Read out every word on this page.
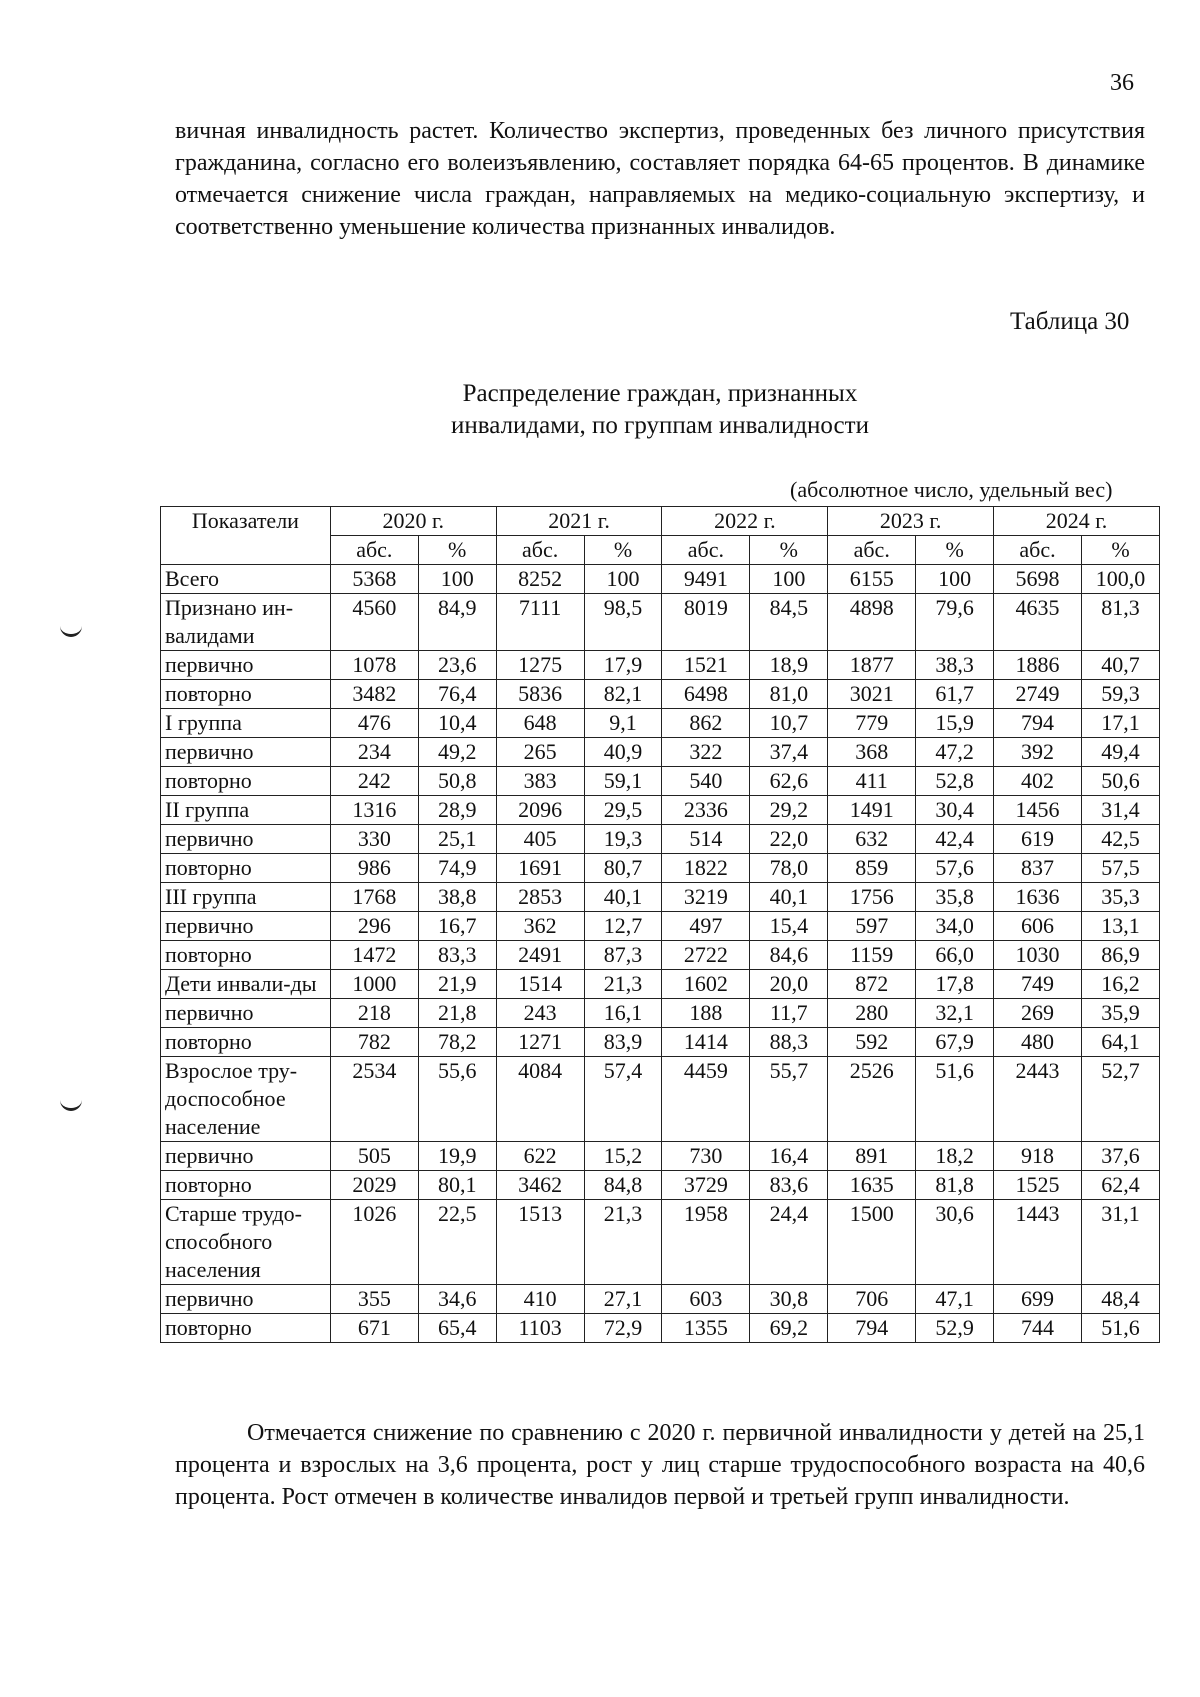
36

вичная инвалидность растет. Количество экспертиз, проведенных без личного присутствия гражданина, согласно его волеизъявлению, составляет порядка 64-65 процентов. В динамике отмечается снижение числа граждан, направляемых на медико-социальную экспертизу, и соответственно уменьшение количества признанных инвалидов.

Таблица 30
Распределение граждан, признанных
инвалидами, по группам инвалидности
(абсолютное число, удельный вес)
Показатели	2020 г.		2021 г.		2022 г.		2023 г.		2024 г.	
	абс.	%	абс.	%	абс.	%	абс.	%	абс.	%
Всего	5368	100	8252	100	9491	100	6155	100	5698	100,0
Признано ин-валидами	4560	84,9	7111	98,5	8019	84,5	4898	79,6	4635	81,3
первично	1078	23,6	1275	17,9	1521	18,9	1877	38,3	1886	40,7
повторно	3482	76,4	5836	82,1	6498	81,0	3021	61,7	2749	59,3
I группа	476	10,4	648	9,1	862	10,7	779	15,9	794	17,1
первично	234	49,2	265	40,9	322	37,4	368	47,2	392	49,4
повторно	242	50,8	383	59,1	540	62,6	411	52,8	402	50,6
II группа	1316	28,9	2096	29,5	2336	29,2	1491	30,4	1456	31,4
первично	330	25,1	405	19,3	514	22,0	632	42,4	619	42,5
повторно	986	74,9	1691	80,7	1822	78,0	859	57,6	837	57,5
III группа	1768	38,8	2853	40,1	3219	40,1	1756	35,8	1636	35,3
первично	296	16,7	362	12,7	497	15,4	597	34,0	606	13,1
повторно	1472	83,3	2491	87,3	2722	84,6	1159	66,0	1030	86,9
Дети инвали-ды	1000	21,9	1514	21,3	1602	20,0	872	17,8	749	16,2
первично	218	21,8	243	16,1	188	11,7	280	32,1	269	35,9
повторно	782	78,2	1271	83,9	1414	88,3	592	67,9	480	64,1
Взрослое тру-доспособное население	2534	55,6	4084	57,4	4459	55,7	2526	51,6	2443	52,7
первично	505	19,9	622	15,2	730	16,4	891	18,2	918	37,6
повторно	2029	80,1	3462	84,8	3729	83,6	1635	81,8	1525	62,4
Старше трудо-способного населения	1026	22,5	1513	21,3	1958	24,4	1500	30,6	1443	31,1
первично	355	34,6	410	27,1	603	30,8	706	47,1	699	48,4
повторно	671	65,4	1103	72,9	1355	69,2	794	52,9	744	51,6

Отмечается снижение по сравнению с 2020 г. первичной инвалидности у детей на 25,1 процента и взрослых на 3,6 процента, рост у лиц старше трудоспособного возраста на 40,6 процента. Рост отмечен в количестве инвалидов первой и третьей групп инвалидности.
